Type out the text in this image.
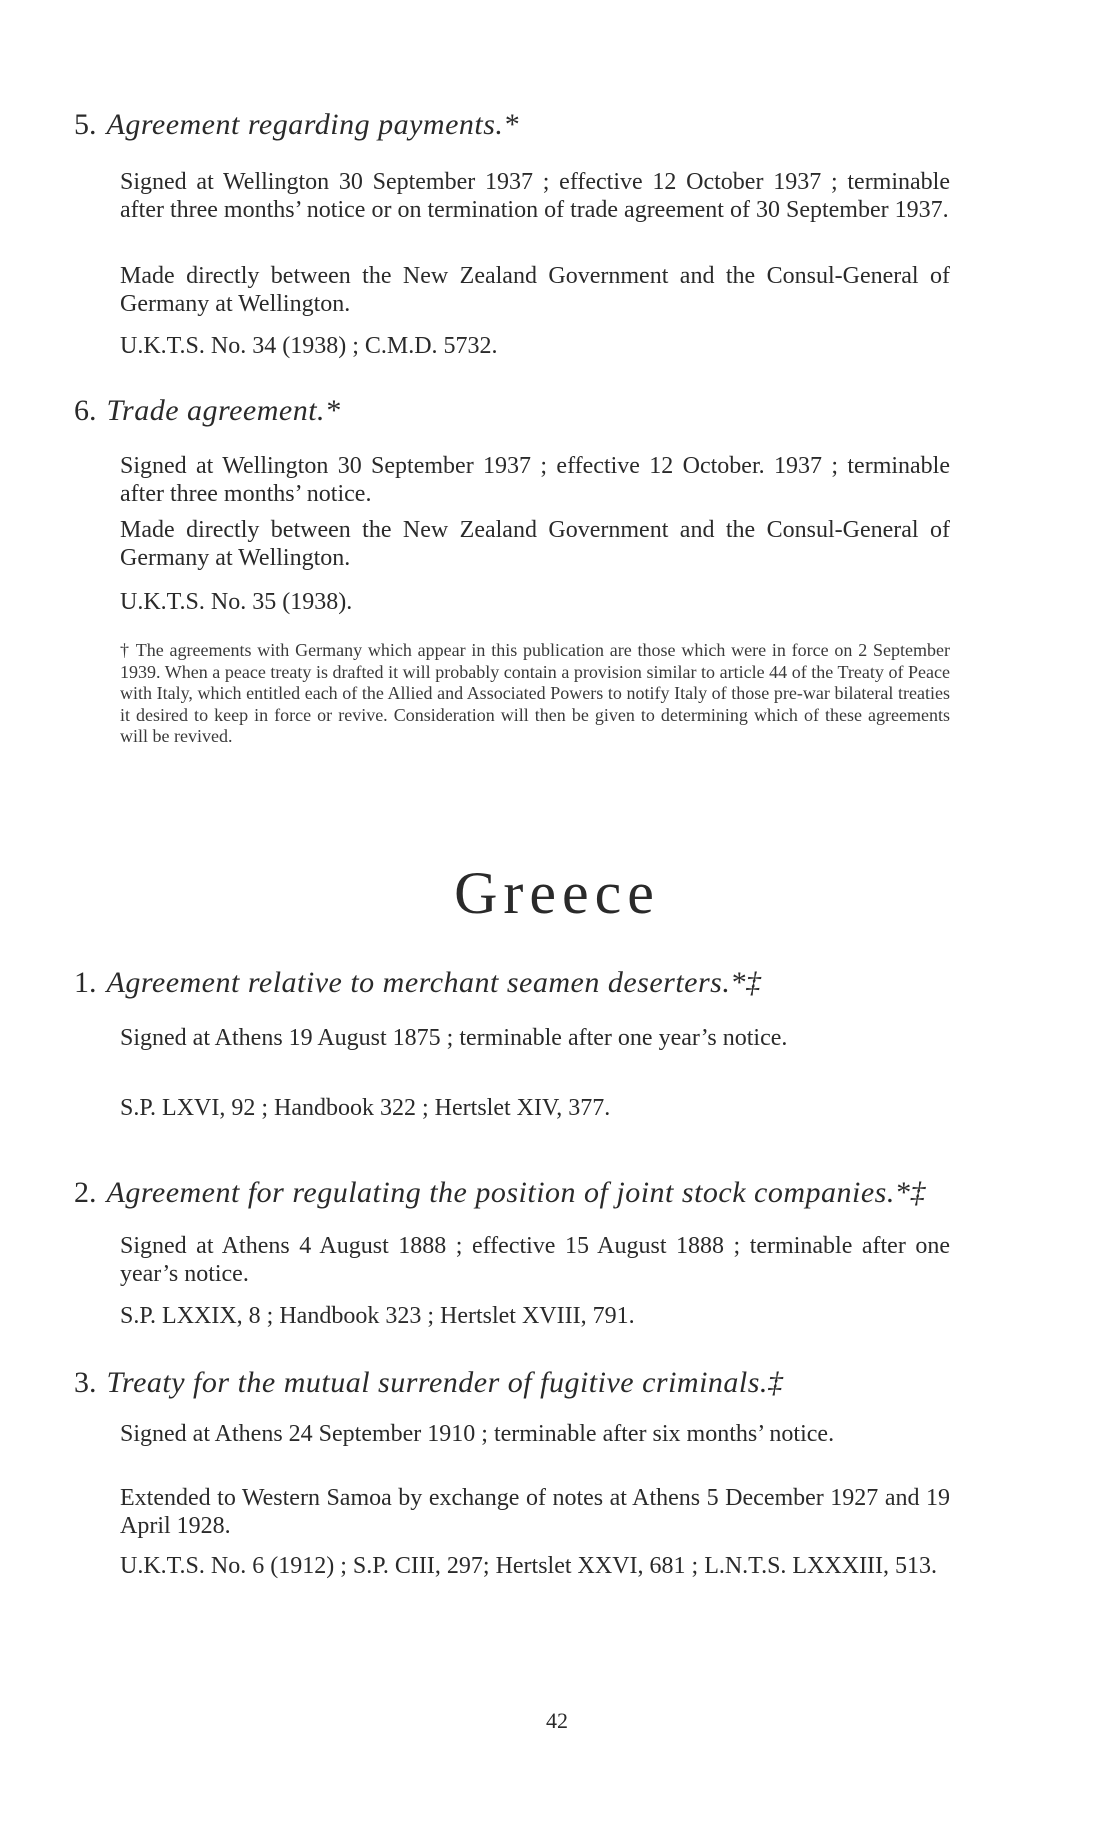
5. Agreement regarding payments.*
Signed at Wellington 30 September 1937 ; effective 12 October 1937 ; terminable after three months’ notice or on termination of trade agreement of 30 September 1937.
Made directly between the New Zealand Government and the Consul-General of Germany at Wellington.
U.K.T.S. No. 34 (1938) ; C.M.D. 5732.
6. Trade agreement.*
Signed at Wellington 30 September 1937 ; effective 12 October. 1937 ; terminable after three months’ notice.
Made directly between the New Zealand Government and the Consul-General of Germany at Wellington.
U.K.T.S. No. 35 (1938).
† The agreements with Germany which appear in this publication are those which were in force on 2 September 1939. When a peace treaty is drafted it will probably contain a provision similar to article 44 of the Treaty of Peace with Italy, which entitled each of the Allied and Associated Powers to notify Italy of those pre-war bilateral treaties it desired to keep in force or revive. Consideration will then be given to determining which of these agreements will be revived.
Greece
1. Agreement relative to merchant seamen deserters.*‡
Signed at Athens 19 August 1875 ; terminable after one year’s notice.
S.P. LXVI, 92 ; Handbook 322 ; Hertslet XIV, 377.
2. Agreement for regulating the position of joint stock companies.*‡
Signed at Athens 4 August 1888 ; effective 15 August 1888 ; terminable after one year’s notice.
S.P. LXXIX, 8 ; Handbook 323 ; Hertslet XVIII, 791.
3. Treaty for the mutual surrender of fugitive criminals.‡
Signed at Athens 24 September 1910 ; terminable after six months’ notice.
Extended to Western Samoa by exchange of notes at Athens 5 December 1927 and 19 April 1928.
U.K.T.S. No. 6 (1912) ; S.P. CIII, 297; Hertslet XXVI, 681 ; L.N.T.S. LXXXIII, 513.
42
